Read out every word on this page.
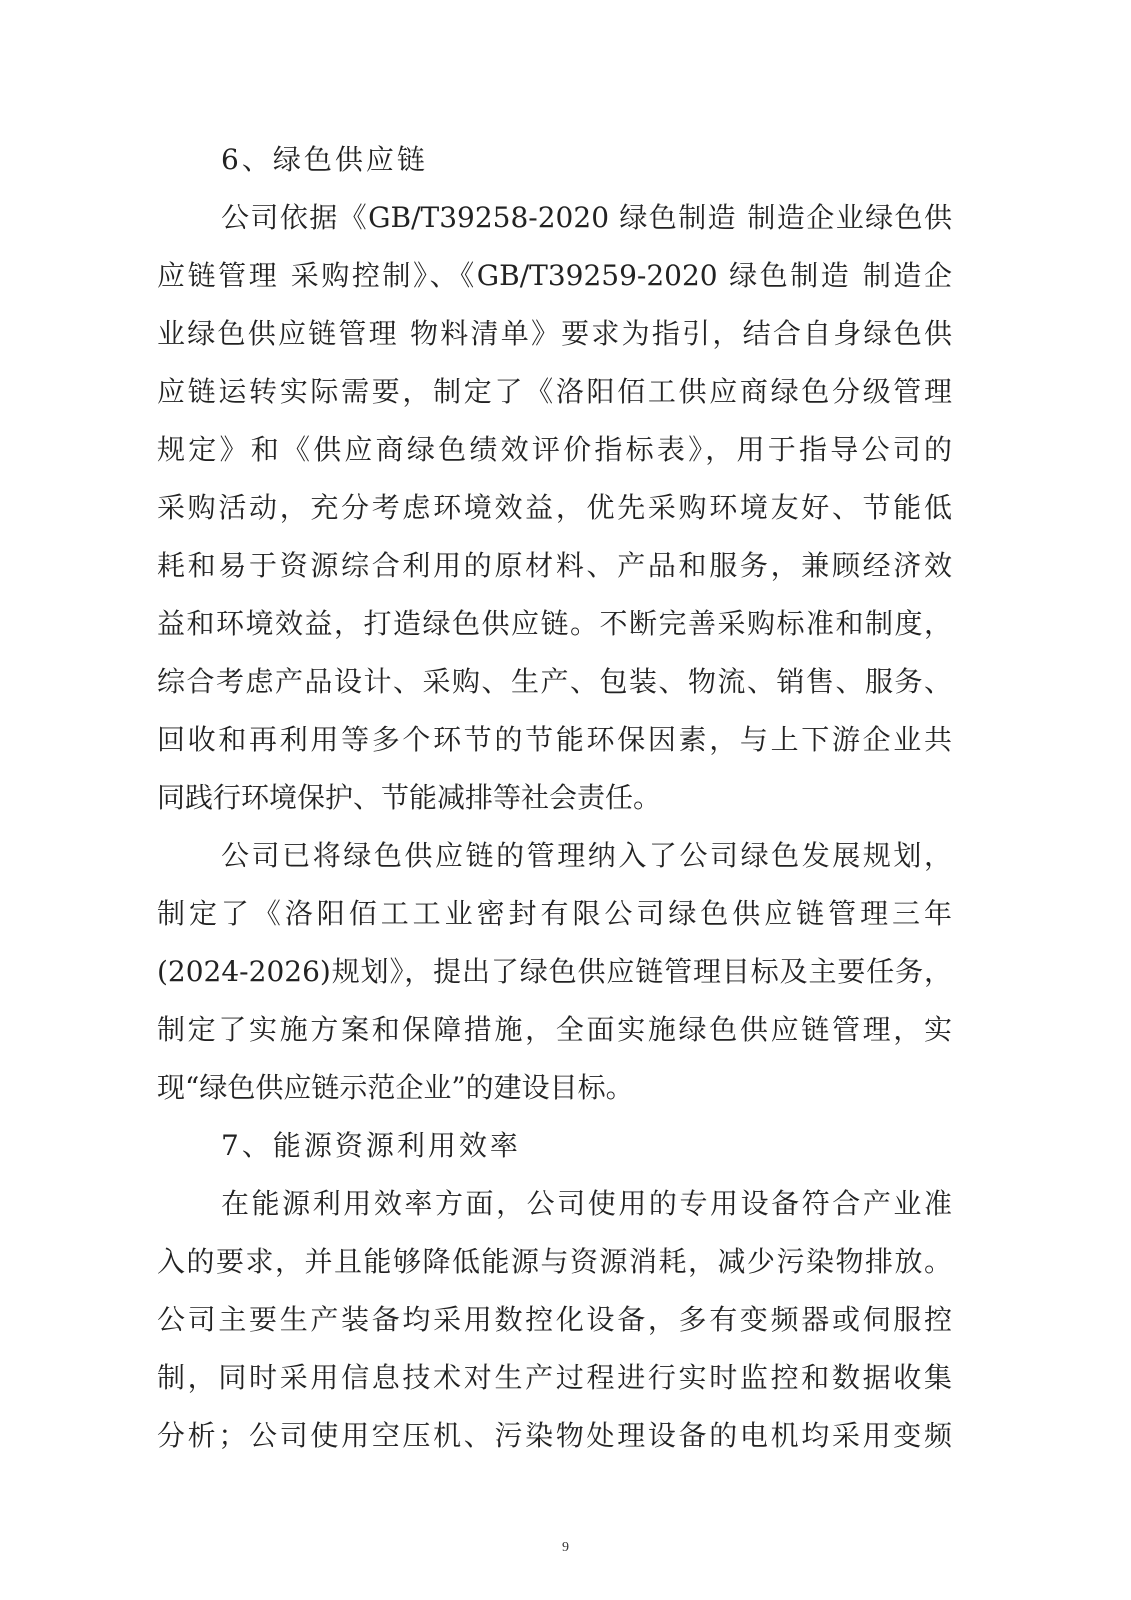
6、绿色供应链
公司依据《GB/T39258-2020 绿色制造 制造企业绿色供
应链管理 采购控制》、《GB/T39259-2020 绿色制造 制造企
业绿色供应链管理 物料清单》要求为指引，结合自身绿色供
应链运转实际需要，制定了《洛阳佰工供应商绿色分级管理
规定》和《供应商绿色绩效评价指标表》，用于指导公司的
采购活动，充分考虑环境效益，优先采购环境友好、节能低
耗和易于资源综合利用的原材料、产品和服务，兼顾经济效
益和环境效益，打造绿色供应链。不断完善采购标准和制度，
综合考虑产品设计、采购、生产、包装、物流、销售、服务、
回收和再利用等多个环节的节能环保因素，与上下游企业共
同践行环境保护、节能减排等社会责任。
公司已将绿色供应链的管理纳入了公司绿色发展规划，
制定了《洛阳佰工工业密封有限公司绿色供应链管理三年
(2024-2026)规划》，提出了绿色供应链管理目标及主要任务，
制定了实施方案和保障措施，全面实施绿色供应链管理，实
现“绿色供应链示范企业”的建设目标。
7、能源资源利用效率
在能源利用效率方面，公司使用的专用设备符合产业准
入的要求，并且能够降低能源与资源消耗，减少污染物排放。
公司主要生产装备均采用数控化设备，多有变频器或伺服控
制，同时采用信息技术对生产过程进行实时监控和数据收集
分析；公司使用空压机、污染物处理设备的电机均采用变频
9
